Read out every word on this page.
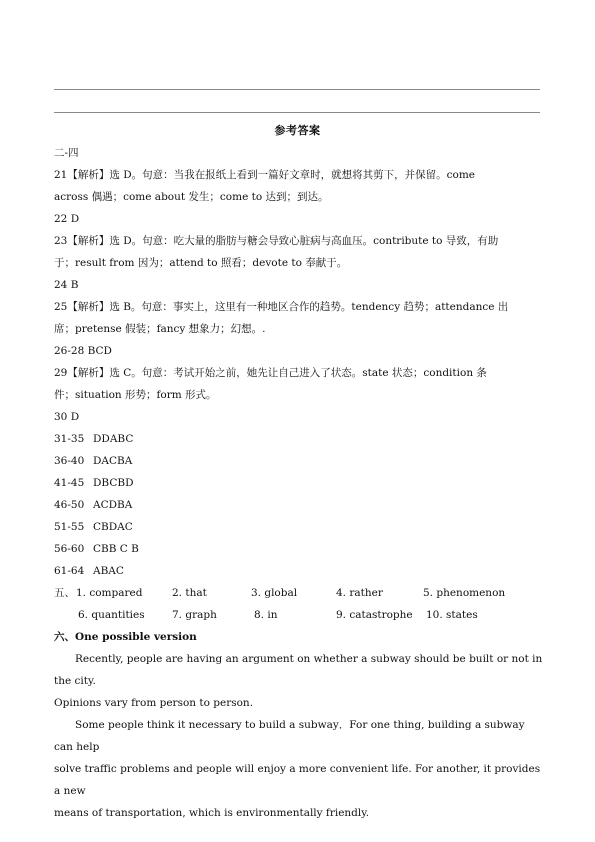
参考答案
二-四
21【解析】选 D。句意：当我在报纸上看到一篇好文章时，就想将其剪下，并保留。come
across 偶遇；come about 发生；come to 达到；到达。
22 D
23【解析】选 D。句意：吃大量的脂肪与糖会导致心脏病与高血压。contribute to 导致，有助
于；result from 因为；attend to 照看；devote to 奉献于。
24 B
25【解析】选 B。句意：事实上，这里有一种地区合作的趋势。tendency 趋势；attendance 出
席；pretense 假装；fancy 想象力；幻想。.
26-28 BCD
29【解析】选 C。句意：考试开始之前，她先让自己进入了状态。state 状态；condition 条
件；situation 形势；form 形式。
30 D
31-35 DDABC
36-40 DACBA
41-45 DBCBD
46-50 ACDBA
51-55 CBDAC
56-60 CBB C B
61-64 ABAC
五、 1. compared	2. that	3. global	4. rather	5. phenomenon
6. quantities	7. graph	8. in	9. catastrophe 10. states
六、One possible version

Recently, people are having an argument on whether a subway should be built or not in the city.

Opinions vary from person to person.

Some people think it necessary to build a subway．For one thing, building a subway can help

solve traffic problems and people will enjoy a more convenient life. For another, it provides a new

means of transportation, which is environmentally friendly.
